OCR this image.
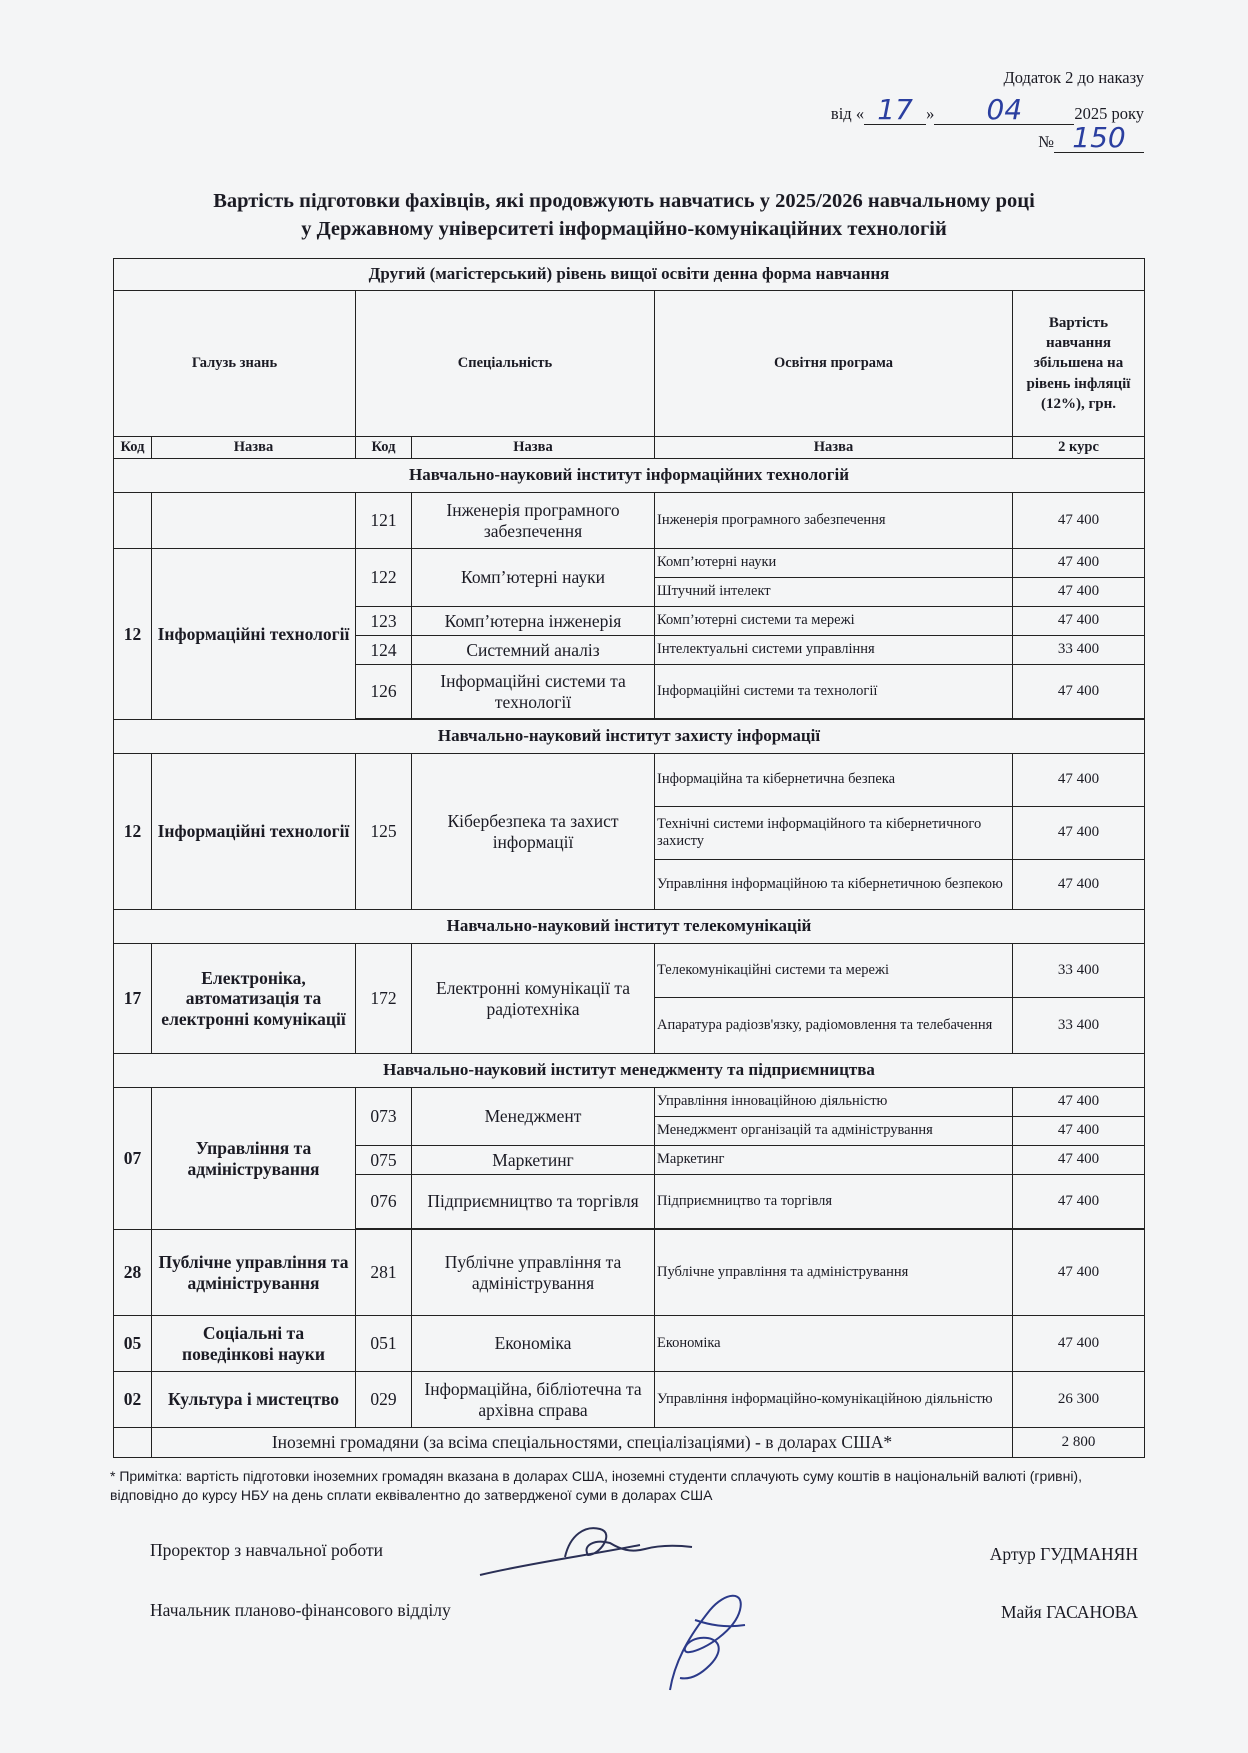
Додаток 2 до наказу
від « 17 » 04	2025 року
№ 150
Вартість підготовки фахівців, які продовжують навчатись у 2025/2026 навчальному році
у Державному університеті інформаційно-комунікаційних технологій
Другий (магістерський) рівень вищої освіти денна форма навчання					
Галузь знань		Спеціальність		Освітня програма	Вартість навчання збільшена на рівень інфляції (12%), грн.
Код	Назва	Код	Назва	Назва	2 курс
Навчально-науковий інститут інформаційних технологій					
		121	Інженерія програмного забезпечення	Інженерія програмного забезпечення	47 400
12	Інформаційні технології	122	Комп’ютерні науки	Комп’ютерні науки	47 400
				Штучний інтелект	47 400
		123	Комп’ютерна інженерія	Комп’ютерні системи та мережі	47 400
		124	Системний аналіз	Інтелектуальні системи управління	33 400
		126	Інформаційні системи та технології	Інформаційні системи та технології	47 400

Навчально-науковий інститут захисту інформації					
12	Інформаційні технології	125	Кібербезпека та захист інформації	Інформаційна та кібернетична безпека	47 400
				Технічні системи інформаційного та кібернетичного захисту	47 400
				Управління інформаційною та кібернетичною безпекою	47 400
Навчально-науковий інститут телекомунікацій					
17	Електроніка, автоматизація та електронні комунікації	172	Електронні комунікації та радіотехніка	Телекомунікаційні системи та мережі	33 400
				Апаратура радіозв'язку, радіомовлення та телебачення	33 400
Навчально-науковий інститут менеджменту та підприємництва					
07	Управління та адміністрування	073	Менеджмент	Управління інноваційною діяльністю	47 400
				Менеджмент організацій та адміністрування	47 400
		075	Маркетинг	Маркетинг	47 400
		076	Підприємництво та торгівля	Підприємництво та торгівля	47 400

28	Публічне управління та адміністрування	281	Публічне управління та адміністрування	Публічне управління та адміністрування	47 400
05	Соціальні та поведінкові науки	051	Економіка	Економіка	47 400
02	Культура і мистецтво	029	Інформаційна, бібліотечна та архівна справа	Управління інформаційно-комунікаційною діяльністю	26 300
	Іноземні громадяни (за всіма спеціальностями, спеціалізаціями) - в доларах США*				2 800
* Примітка: вартість підготовки іноземних громадян вказана в доларах США, іноземні студенти сплачують суму коштів в національній валюті (гривні), відповідно до курсу НБУ на день сплати еквівалентно до затвердженої суми в доларах США
Проректор з навчальної роботи	Артур ГУДМАНЯН
Начальник планово-фінансового відділу	Майя ГАСАНОВА
